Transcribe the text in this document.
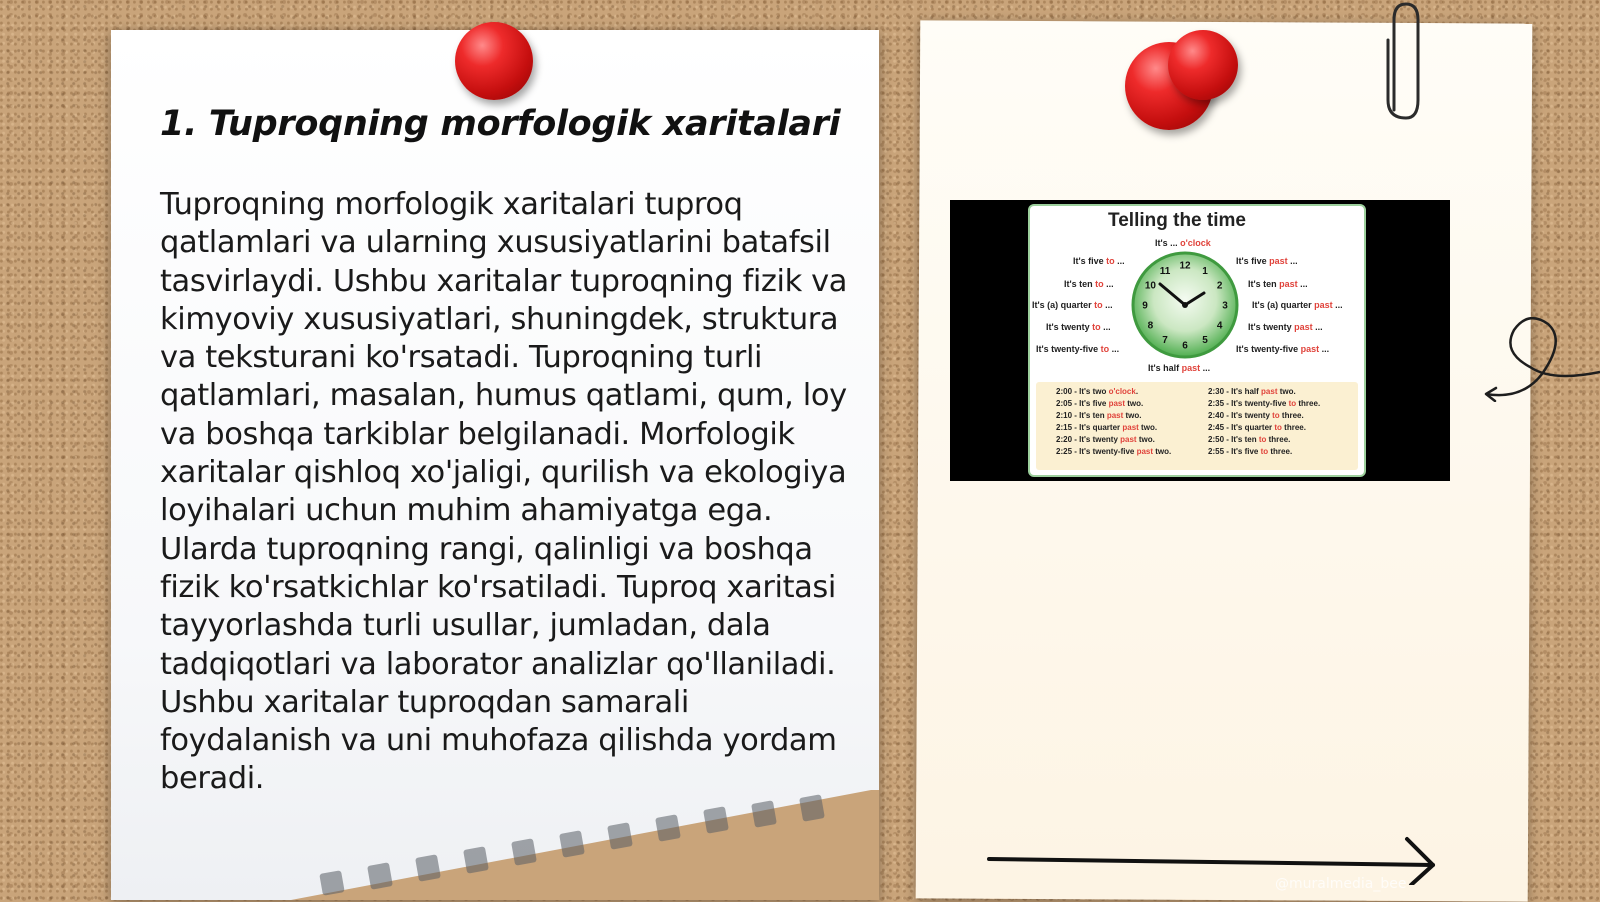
1. Tuproqning morfologik xaritalari

Tuproqning morfologik xaritalari tuproq qatlamlari va ularning xususiyatlarini batafsil tasvirlaydi. Ushbu xaritalar tuproqning fizik va kimyoviy xususiyatlari, shuningdek, struktura va teksturani ko'rsatadi. Tuproqning turli qatlamlari, masalan, humus qatlami, qum, loy va boshqa tarkiblar belgilanadi. Morfologik xaritalar qishloq xo'jaligi, qurilish va ekologiya loyihalari uchun muhim ahamiyatga ega. Ularda tuproqning rangi, qalinligi va boshqa fizik ko'rsatkichlar ko'rsatiladi. Tuproq xaritasi tayyorlashda turli usullar, jumladan, dala tadqiqotlari va laborator analizlar qo'llaniladi. Ushbu xaritalar tuproqdan samarali foydalanish va uni muhofaza qilishda yordam beradi.

Telling the time
It's ... o'clock
It's five to ...
It's ten to ...
It's (a) quarter to ...
It's twenty to ...
It's twenty-five to ...
It's half past ...
It's five past ...
It's ten past ...
It's (a) quarter past ...
It's twenty past ...
It's twenty-five past ...
12 1
2
3
4
5
6
7
8
9
10
11
2:00 - It's two o'clock.
2:05 - It's five past two.
2:10 - It's ten past two.
2:15 - It's quarter past two.
2:20 - It's twenty past two.
2:25 - It's twenty-five past two.
2:30 - It's half past two.
2:35 - It's twenty-five to three.
2:40 - It's twenty to three.
2:45 - It's quarter to three.
2:50 - It's ten to three.
2:55 - It's five to three.
@muralmedia_bee
